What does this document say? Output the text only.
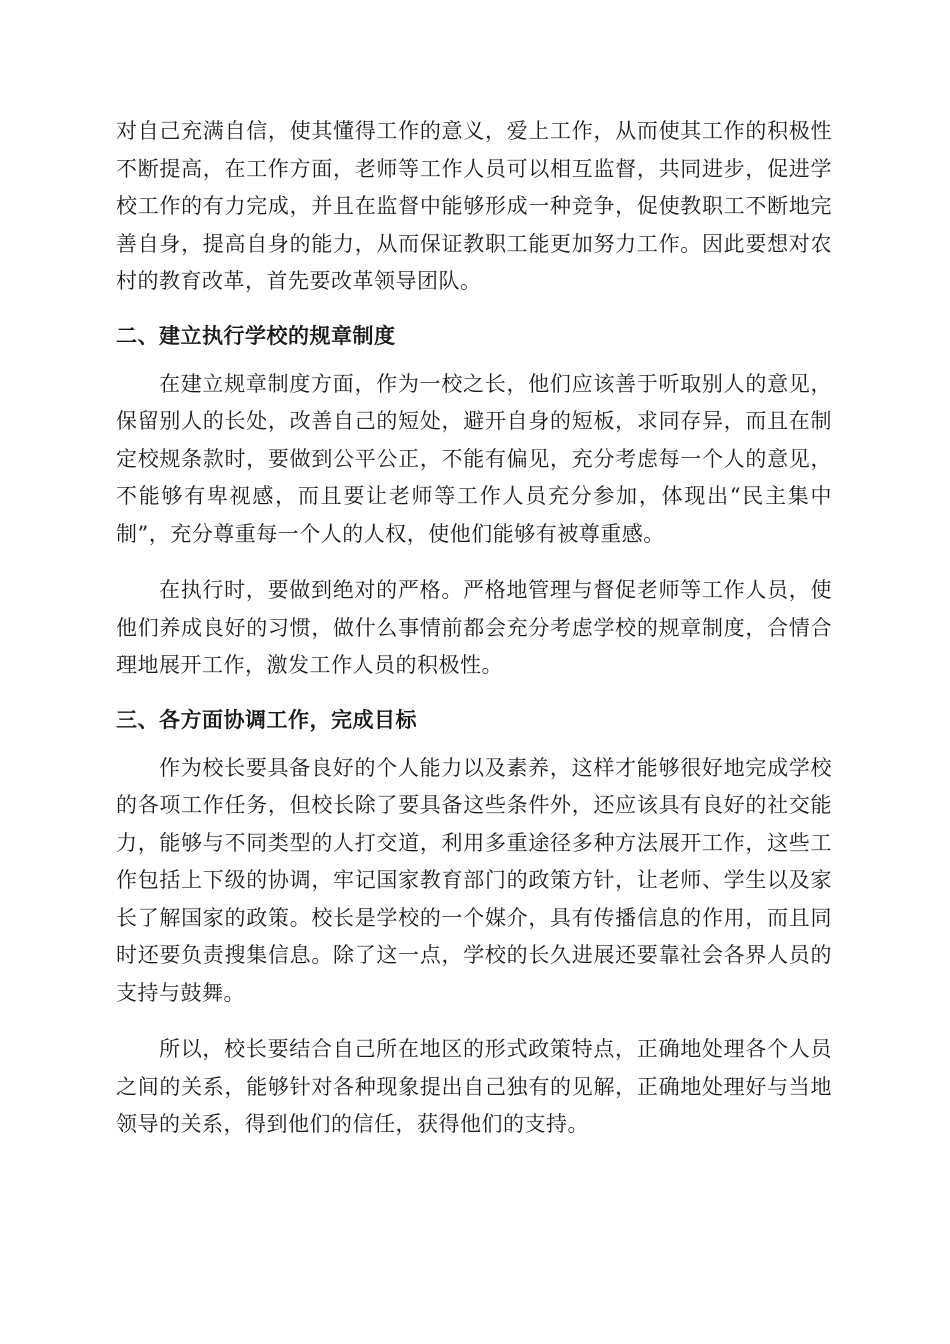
对自己充满自信，使其懂得工作的意义，爱上工作，从而使其工作的积极性不断提高，在工作方面，老师等工作人员可以相互监督，共同进步，促进学校工作的有力完成，并且在监督中能够形成一种竞争，促使教职工不断地完善自身，提高自身的能力，从而保证教职工能更加努力工作。因此要想对农村的教育改革，首先要改革领导团队。

二、建立执行学校的规章制度

在建立规章制度方面，作为一校之长，他们应该善于听取别人的意见，保留别人的长处，改善自己的短处，避开自身的短板，求同存异，而且在制定校规条款时，要做到公平公正，不能有偏见，充分考虑每一个人的意见，不能够有卑视感，而且要让老师等工作人员充分参加，体现出“民主集中制”，充分尊重每一个人的人权，使他们能够有被尊重感。

在执行时，要做到绝对的严格。严格地管理与督促老师等工作人员，使他们养成良好的习惯，做什么事情前都会充分考虑学校的规章制度，合情合理地展开工作，激发工作人员的积极性。

三、各方面协调工作，完成目标

作为校长要具备良好的个人能力以及素养，这样才能够很好地完成学校的各项工作任务，但校长除了要具备这些条件外，还应该具有良好的社交能力，能够与不同类型的人打交道，利用多重途径多种方法展开工作，这些工作包括上下级的协调，牢记国家教育部门的政策方针，让老师、学生以及家长了解国家的政策。校长是学校的一个媒介，具有传播信息的作用，而且同时还要负责搜集信息。除了这一点，学校的长久进展还要靠社会各界人员的支持与鼓舞。

所以，校长要结合自己所在地区的形式政策特点，正确地处理各个人员之间的关系，能够针对各种现象提出自己独有的见解，正确地处理好与当地领导的关系，得到他们的信任，获得他们的支持。
